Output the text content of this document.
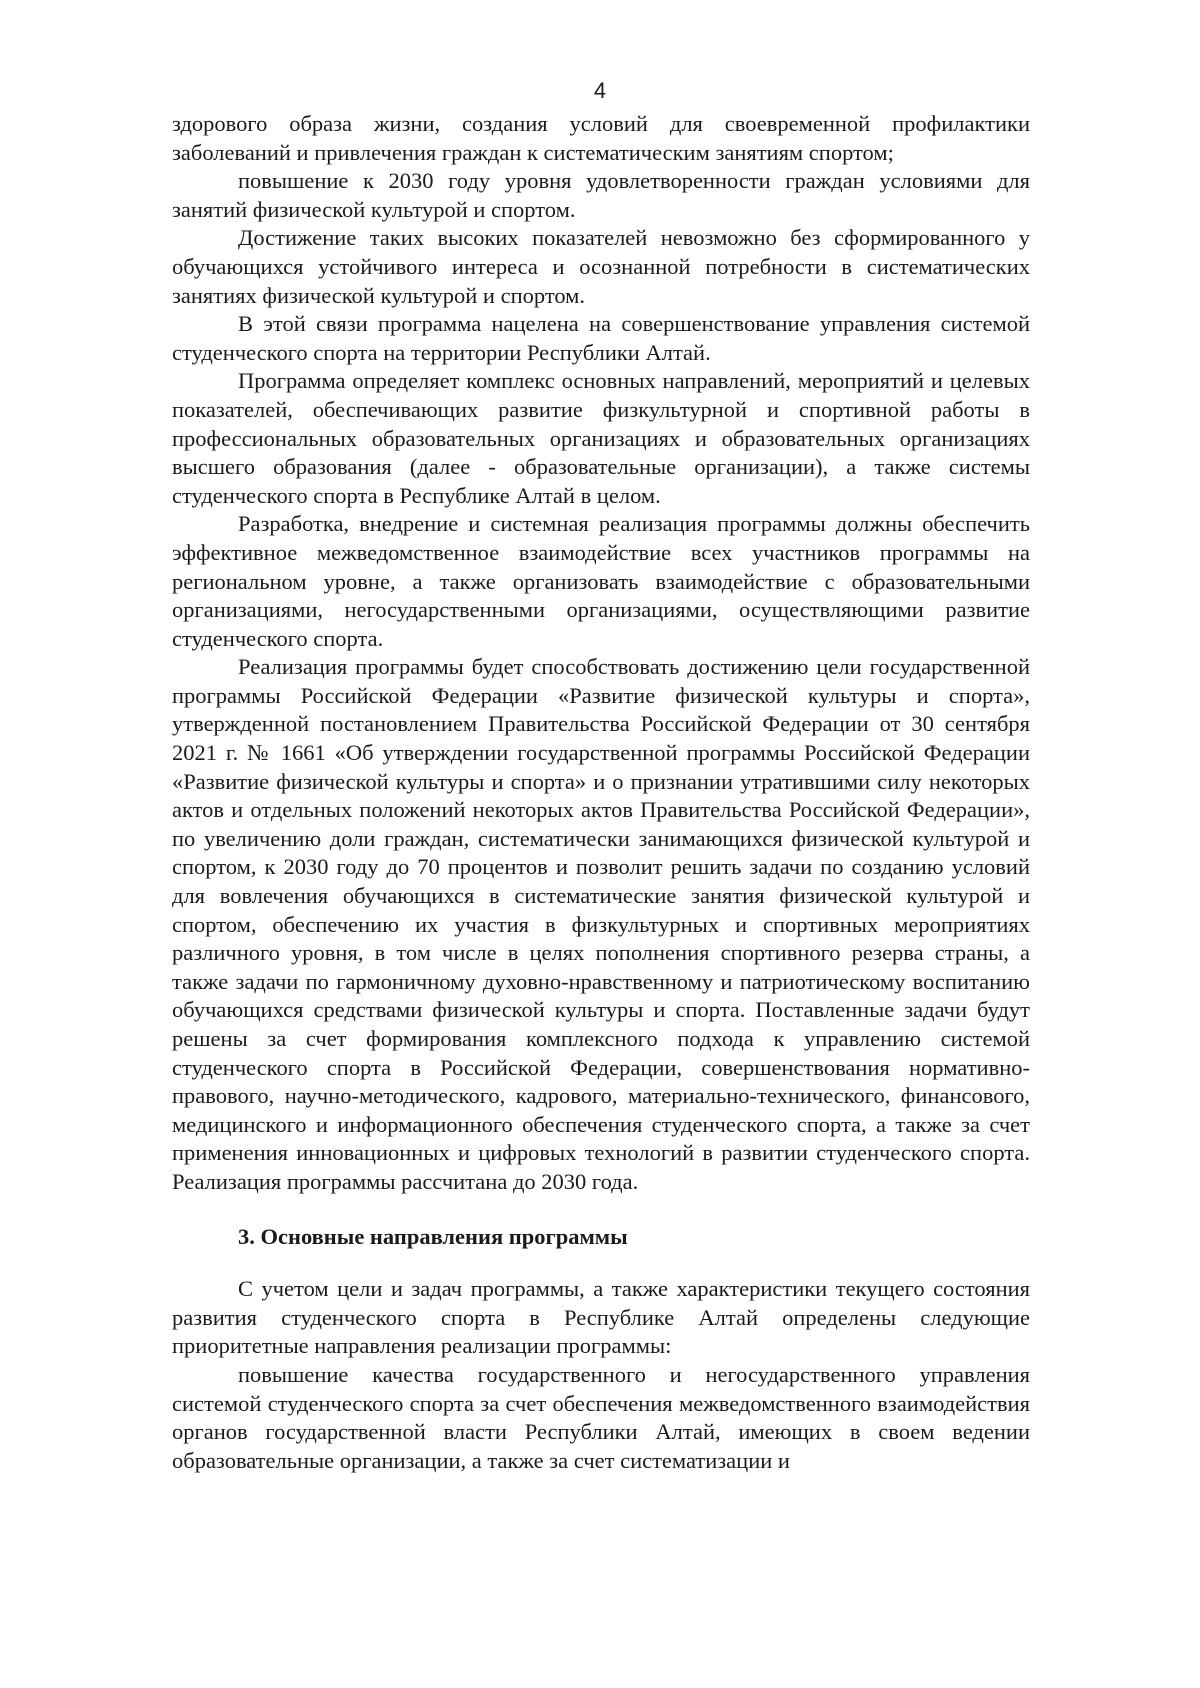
4

здорового образа жизни, создания условий для своевременной профилактики заболеваний и привлечения граждан к систематическим занятиям спортом;

повышение к 2030 году уровня удовлетворенности граждан условиями для занятий физической культурой и спортом.

Достижение таких высоких показателей невозможно без сформированного у обучающихся устойчивого интереса и осознанной потребности в систематических занятиях физической культурой и спортом.

В этой связи программа нацелена на совершенствование управления системой студенческого спорта на территории Республики Алтай.

Программа определяет комплекс основных направлений, мероприятий и целевых показателей, обеспечивающих развитие физкультурной и спортивной работы в профессиональных образовательных организациях и образовательных организациях высшего образования (далее - образовательные организации), а также системы студенческого спорта в Республике Алтай в целом.

Разработка, внедрение и системная реализация программы должны обеспечить эффективное межведомственное взаимодействие всех участников программы на региональном уровне, а также организовать взаимодействие с образовательными организациями, негосударственными организациями, осуществляющими развитие студенческого спорта.

Реализация программы будет способствовать достижению цели государственной программы Российской Федерации «Развитие физической культуры и спорта», утвержденной постановлением Правительства Российской Федерации от 30 сентября 2021 г. № 1661 «Об утверждении государственной программы Российской Федерации «Развитие физической культуры и спорта» и о признании утратившими силу некоторых актов и отдельных положений некоторых актов Правительства Российской Федерации», по увеличению доли граждан, систематически занимающихся физической культурой и спортом, к 2030 году до 70 процентов и позволит решить задачи по созданию условий для вовлечения обучающихся в систематические занятия физической культурой и спортом, обеспечению их участия в физкультурных и спортивных мероприятиях различного уровня, в том числе в целях пополнения спортивного резерва страны, а также задачи по гармоничному духовно-нравственному и патриотическому воспитанию обучающихся средствами физической культуры и спорта. Поставленные задачи будут решены за счет формирования комплексного подхода к управлению системой студенческого спорта в Российской Федерации, совершенствования нормативно-правового, научно-методического, кадрового, материально-технического, финансового, медицинского и информационного обеспечения студенческого спорта, а также за счет применения инновационных и цифровых технологий в развитии студенческого спорта. Реализация программы рассчитана до 2030 года.

3. Основные направления программы

С учетом цели и задач программы, а также характеристики текущего состояния развития студенческого спорта в Республике Алтай определены следующие приоритетные направления реализации программы:

повышение качества государственного и негосударственного управления системой студенческого спорта за счет обеспечения межведомственного взаимодействия органов государственной власти Республики Алтай, имеющих в своем ведении образовательные организации, а также за счет систематизации и
